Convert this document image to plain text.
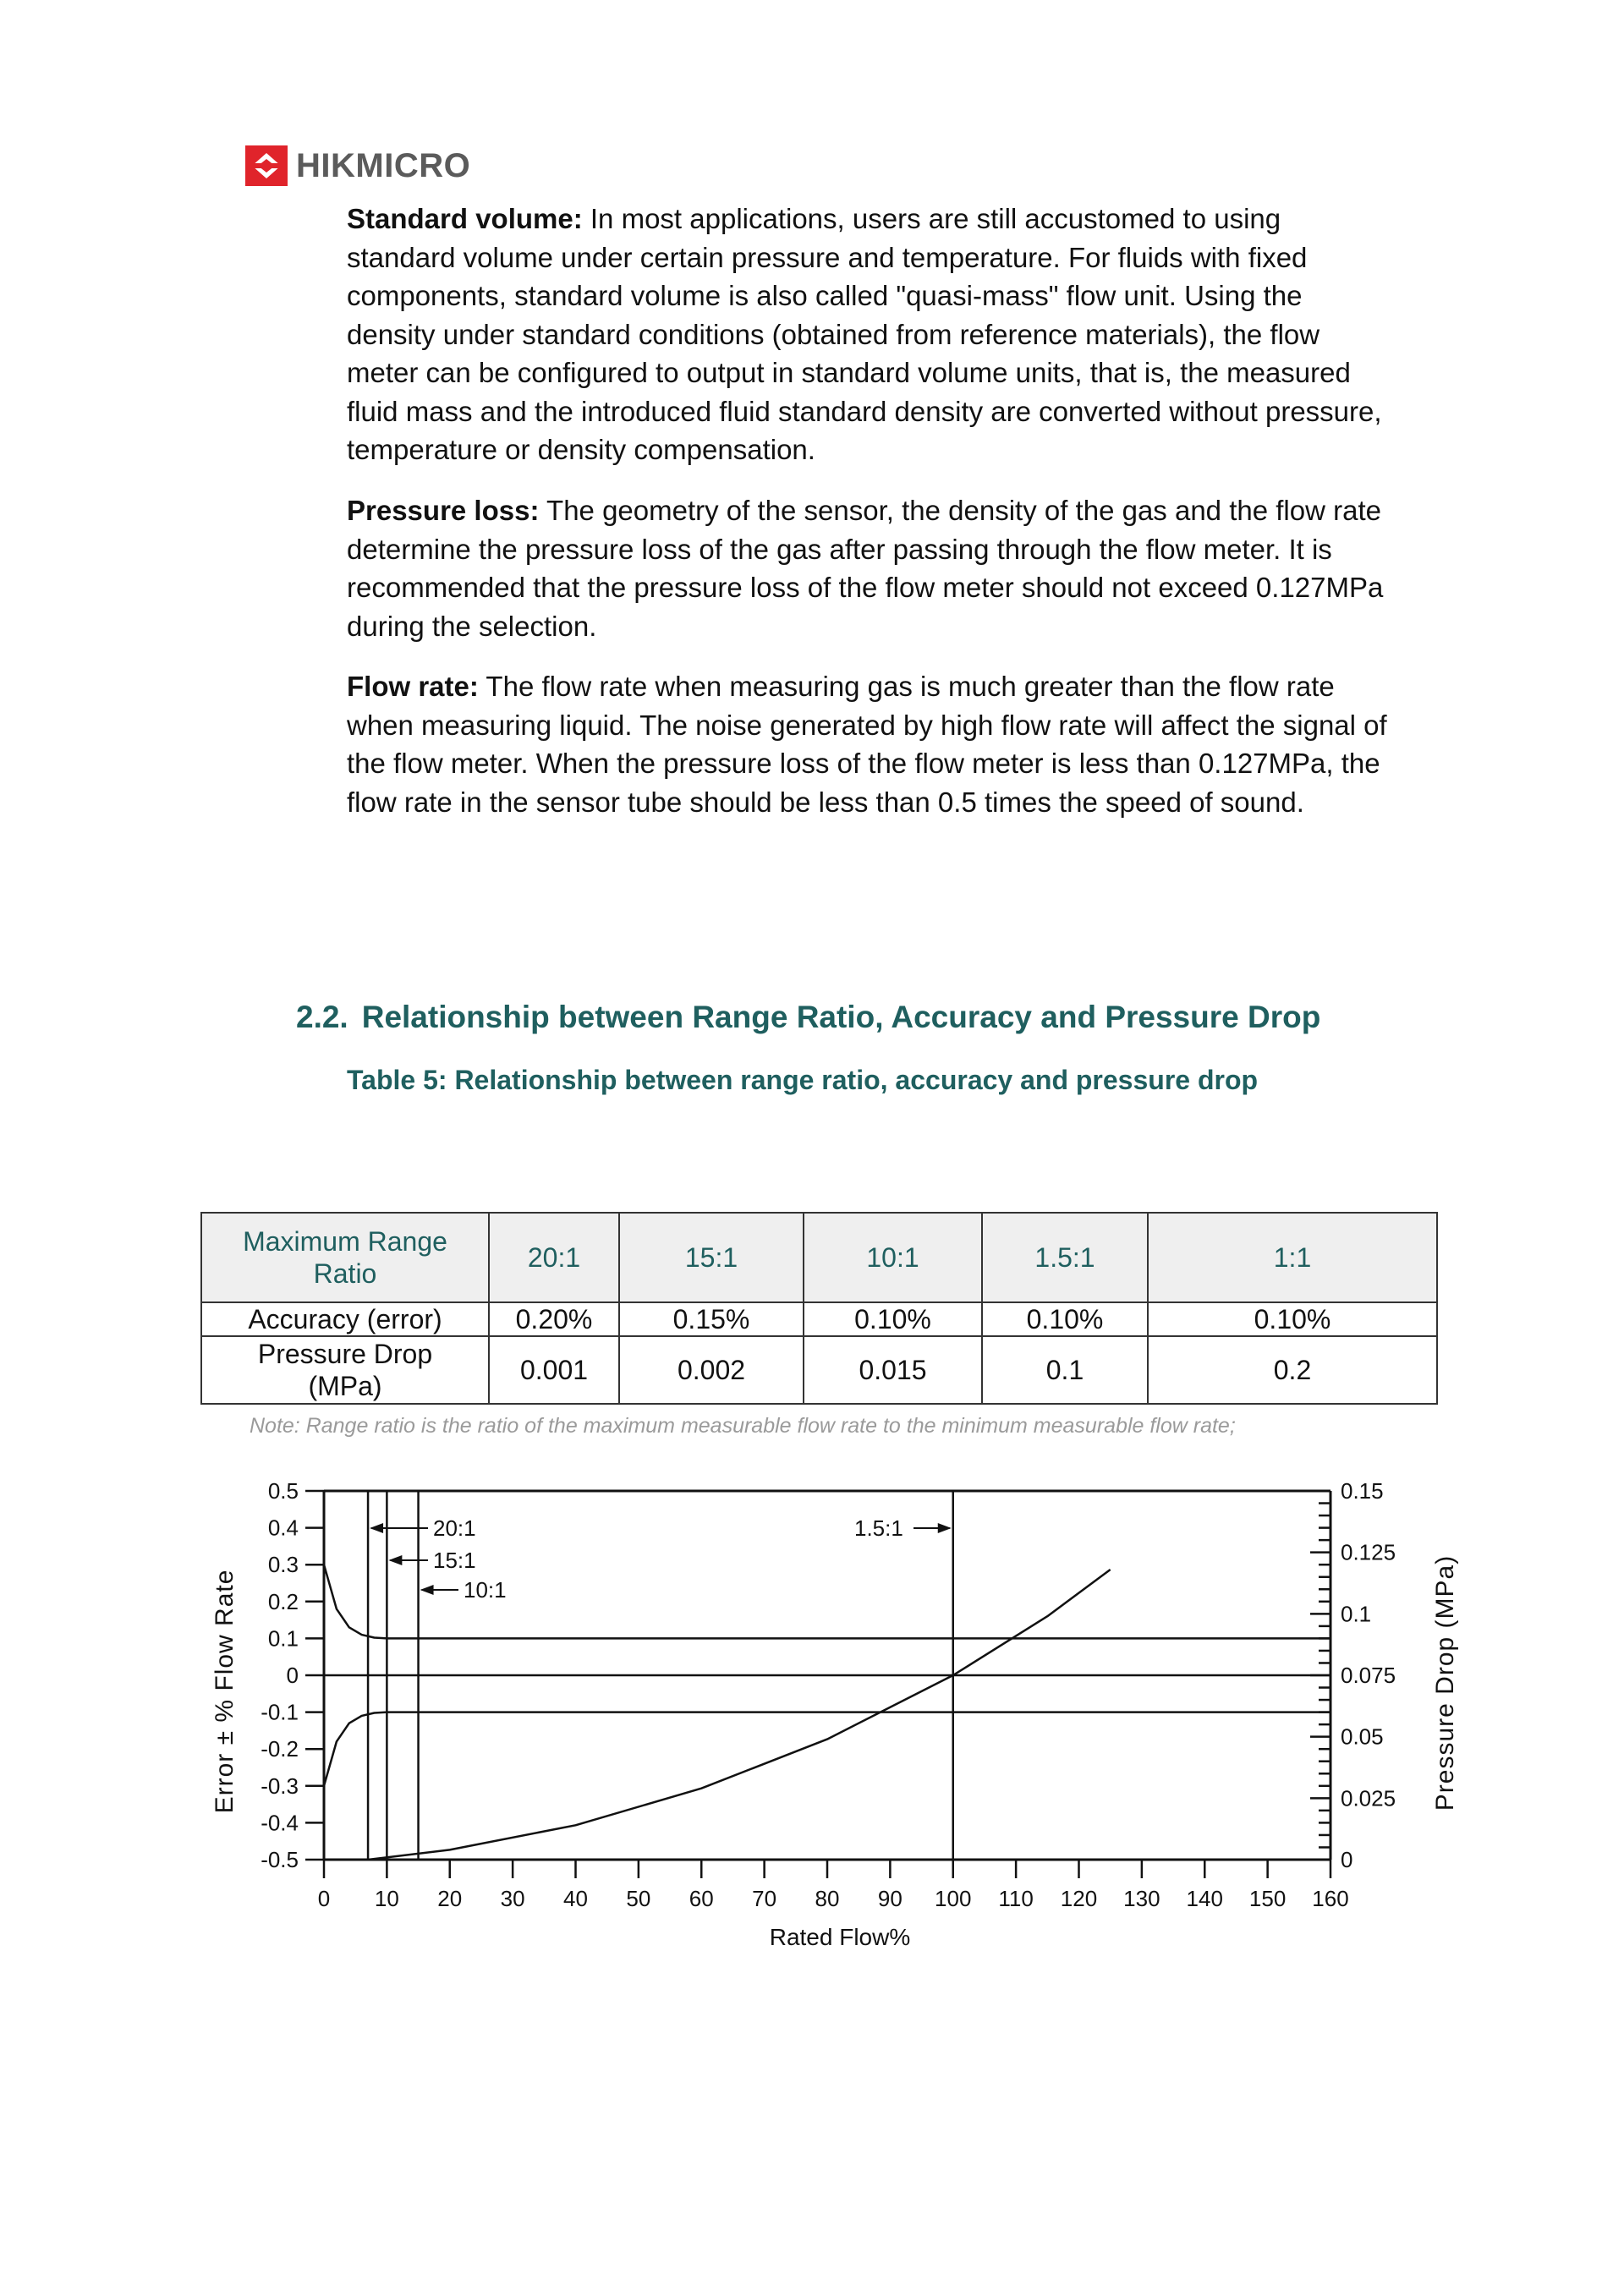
HIKMICRO

Standard volume: In most applications, users are still accustomed to using standard volume under certain pressure and temperature. For fluids with fixed components, standard volume is also called "quasi-mass" flow unit. Using the density under standard conditions (obtained from reference materials), the flow meter can be configured to output in standard volume units, that is, the measured fluid mass and the introduced fluid standard density are converted without pressure, temperature or density compensation.

Pressure loss: The geometry of the sensor, the density of the gas and the flow rate determine the pressure loss of the gas after passing through the flow meter. It is recommended that the pressure loss of the flow meter should not exceed 0.127MPa during the selection.

Flow rate: The flow rate when measuring gas is much greater than the flow rate when measuring liquid. The noise generated by high flow rate will affect the signal of the flow meter. When the pressure loss of the flow meter is less than 0.127MPa, the flow rate in the sensor tube should be less than 0.5 times the speed of sound.

2.2. Relationship between Range Ratio, Accuracy and Pressure Drop
Table 5: Relationship between range ratio, accuracy and pressure drop
Maximum Range Ratio	20:1	15:1	10:1	1.5:1	1:1
Accuracy (error)	0.20%	0.15%	0.10%	0.10%	0.10%
Pressure Drop (MPa)	0.001	0.002	0.015	0.1	0.2
Note: Range ratio is the ratio of the maximum measurable flow rate to the minimum measurable flow rate;
0.5
0.4
0.3
0.2
0.1
0
-0.1
-0.2
-0.3
-0.4
-0.5
0.15
0.125
0.1
0.075
0.05
0.025
0
0 10 20 30 40 50 60 70 80 90 100 110 120 130 140 150 160
20:1
15:1
10:1
1.5:1
Rated Flow%
Error ± % Flow Rate	Pressure Drop (MPa)
